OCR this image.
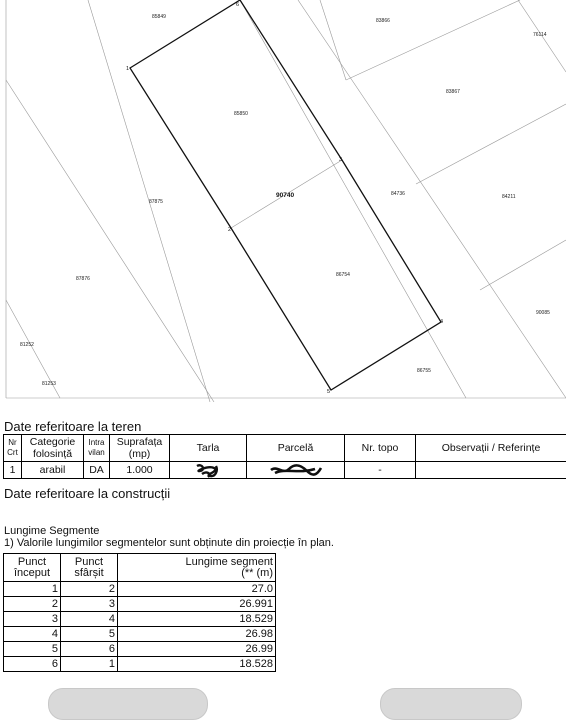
85849
83866
76114
83867
85850
87875
84736	84211
87876
86754
90085
81252
81253
86755
90740
1
2
3
4
5
6
Date referitoare la teren
Nr Crt	Categorie folosință	Intra vilan	Suprafața (mp)	Tarla	Parcelă	Nr. topo	Observații / Referințe
1	arabil	DA	1.000			-	
Date referitoare la construcții
Lungime Segmente
1) Valorile lungimilor segmentelor sunt obținute din proiecție în plan.
Punct început	Punct sfârșit	Lungime segment
(** (m)
1	2	27.0
2	3	26.991
3	4	18.529
4	5	26.98
5	6	26.99
6	1	18.528
